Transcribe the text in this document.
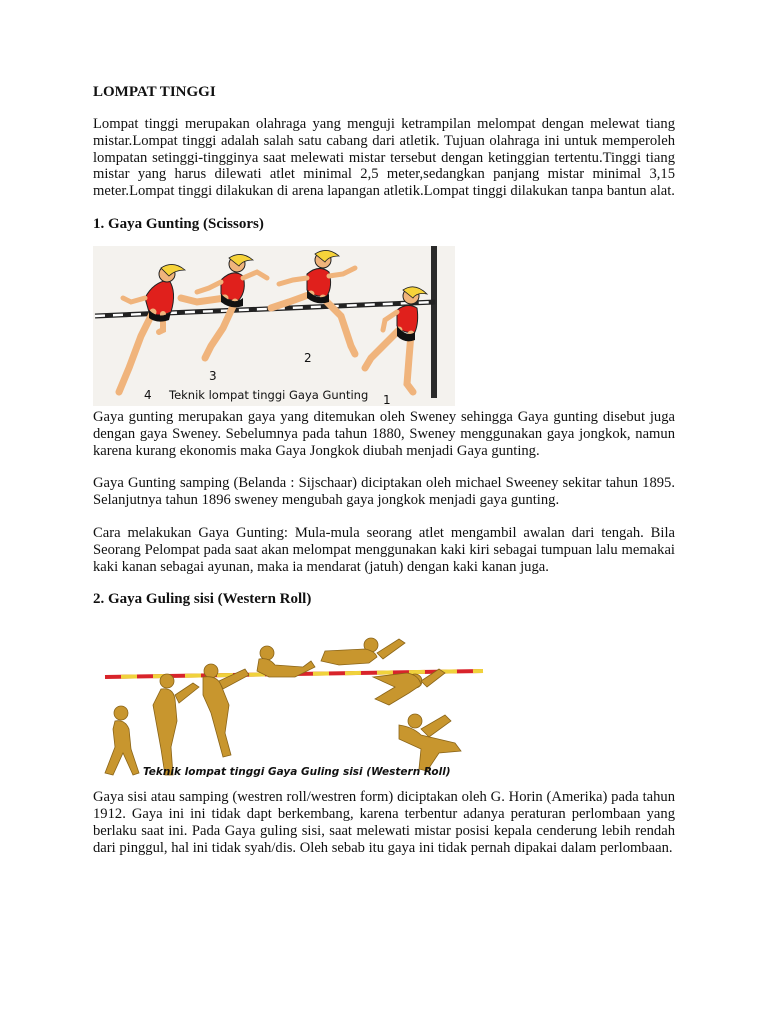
LOMPAT TINGGI

Lompat tinggi merupakan olahraga yang menguji ketrampilan melompat dengan melewat tiang mistar.Lompat tinggi adalah salah satu cabang dari atletik. Tujuan olahraga ini untuk memperoleh lompatan setinggi-tingginya saat melewati mistar tersebut dengan ketinggian tertentu.Tinggi tiang mistar yang harus dilewati atlet minimal 2,5 meter,sedangkan panjang mistar minimal 3,15 meter.Lompat tinggi dilakukan di arena lapangan atletik.Lompat tinggi dilakukan tanpa bantun alat.

1. Gaya Gunting (Scissors)
4
3
2
1
Teknik lompat tinggi Gaya Gunting

Gaya gunting merupakan gaya yang ditemukan oleh Sweney sehingga Gaya gunting disebut juga dengan gaya Sweney. Sebelumnya pada tahun 1880, Sweney menggunakan gaya jongkok, namun karena kurang ekonomis maka Gaya Jongkok diubah menjadi Gaya gunting.

Gaya Gunting samping (Belanda : Sijschaar) diciptakan oleh michael Sweeney sekitar tahun 1895. Selanjutnya tahun 1896 sweney mengubah gaya jongkok menjadi gaya gunting.

Cara melakukan Gaya Gunting: Mula-mula seorang atlet mengambil awalan dari tengah. Bila Seorang Pelompat pada saat akan melompat menggunakan kaki kiri sebagai tumpuan lalu memakai kaki kanan sebagai ayunan, maka ia mendarat (jatuh) dengan kaki kanan juga.

2. Gaya Guling sisi (Western Roll)
Teknik lompat tinggi Gaya Guling sisi (Western Roll)

Gaya sisi atau samping (westren roll/westren form) diciptakan oleh G. Horin (Amerika) pada tahun 1912. Gaya ini ini tidak dapt berkembang, karena terbentur adanya peraturan perlombaan yang berlaku saat ini. Pada Gaya guling sisi, saat melewati mistar posisi kepala cenderung lebih rendah dari pinggul, hal ini tidak syah/dis. Oleh sebab itu gaya ini tidak pernah dipakai dalam perlombaan.
